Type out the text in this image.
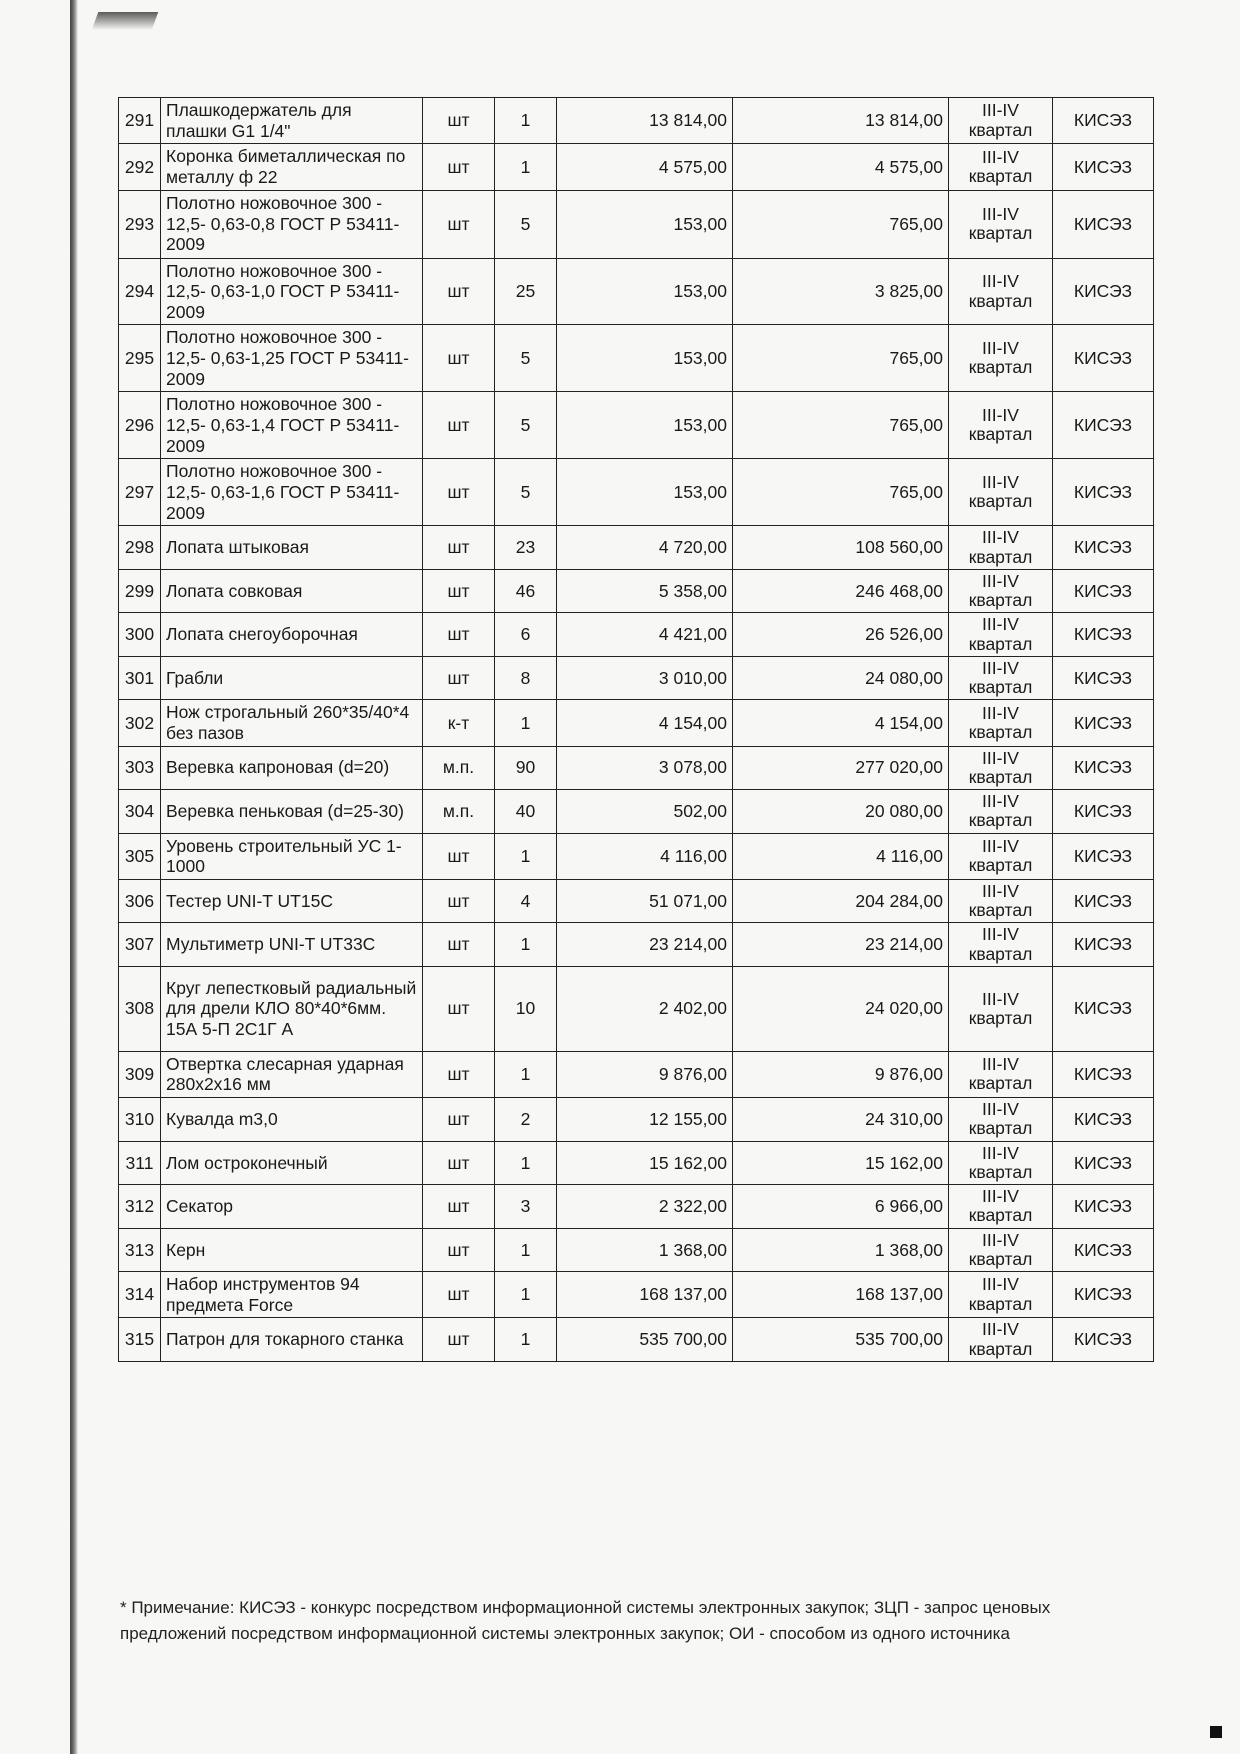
291	Плашкодержатель для плашки G1 1/4"	шт	1	13 814,00	13 814,00	III-IV квартал	КИСЭЗ
292	Коронка биметаллическая по металлу ф 22	шт	1	4 575,00	4 575,00	III-IV квартал	КИСЭЗ
293	Полотно ножовочное 300 - 12,5- 0,63-0,8 ГОСТ Р 53411-2009	шт	5	153,00	765,00	III-IV квартал	КИСЭЗ
294	Полотно ножовочное 300 - 12,5- 0,63-1,0 ГОСТ Р 53411-2009	шт	25	153,00	3 825,00	III-IV квартал	КИСЭЗ
295	Полотно ножовочное 300 - 12,5- 0,63-1,25 ГОСТ Р 53411-2009	шт	5	153,00	765,00	III-IV квартал	КИСЭЗ
296	Полотно ножовочное 300 - 12,5- 0,63-1,4 ГОСТ Р 53411-2009	шт	5	153,00	765,00	III-IV квартал	КИСЭЗ
297	Полотно ножовочное 300 - 12,5- 0,63-1,6 ГОСТ Р 53411-2009	шт	5	153,00	765,00	III-IV квартал	КИСЭЗ
298	Лопата штыковая	шт	23	4 720,00	108 560,00	III-IV квартал	КИСЭЗ
299	Лопата совковая	шт	46	5 358,00	246 468,00	III-IV квартал	КИСЭЗ
300	Лопата снегоуборочная	шт	6	4 421,00	26 526,00	III-IV квартал	КИСЭЗ
301	Грабли	шт	8	3 010,00	24 080,00	III-IV квартал	КИСЭЗ
302	Нож строгальный 260*35/40*4 без пазов	к-т	1	4 154,00	4 154,00	III-IV квартал	КИСЭЗ
303	Веревка капроновая (d=20)	м.п.	90	3 078,00	277 020,00	III-IV квартал	КИСЭЗ
304	Веревка пеньковая (d=25-30)	м.п.	40	502,00	20 080,00	III-IV квартал	КИСЭЗ
305	Уровень строительный УС 1-1000	шт	1	4 116,00	4 116,00	III-IV квартал	КИСЭЗ
306	Тестер UNI-T UT15C	шт	4	51 071,00	204 284,00	III-IV квартал	КИСЭЗ
307	Мультиметр UNI-T UT33C	шт	1	23 214,00	23 214,00	III-IV квартал	КИСЭЗ
308	Круг лепестковый радиальный для дрели КЛО 80*40*6мм. 15А 5-П 2С1Г А	шт	10	2 402,00	24 020,00	III-IV квартал	КИСЭЗ
309	Отвертка слесарная ударная 280х2х16 мм	шт	1	9 876,00	9 876,00	III-IV квартал	КИСЭЗ
310	Кувалда m3,0	шт	2	12 155,00	24 310,00	III-IV квартал	КИСЭЗ
311	Лом остроконечный	шт	1	15 162,00	15 162,00	III-IV квартал	КИСЭЗ
312	Секатор	шт	3	2 322,00	6 966,00	III-IV квартал	КИСЭЗ
313	Керн	шт	1	1 368,00	1 368,00	III-IV квартал	КИСЭЗ
314	Набор инструментов 94 предмета Force	шт	1	168 137,00	168 137,00	III-IV квартал	КИСЭЗ
315	Патрон для токарного станка	шт	1	535 700,00	535 700,00	III-IV квартал	КИСЭЗ
* Примечание: КИСЭЗ - конкурс посредством информационной системы электронных закупок; ЗЦП - запрос ценовых предложений посредством информационной системы электронных закупок; ОИ - способом из одного источника
